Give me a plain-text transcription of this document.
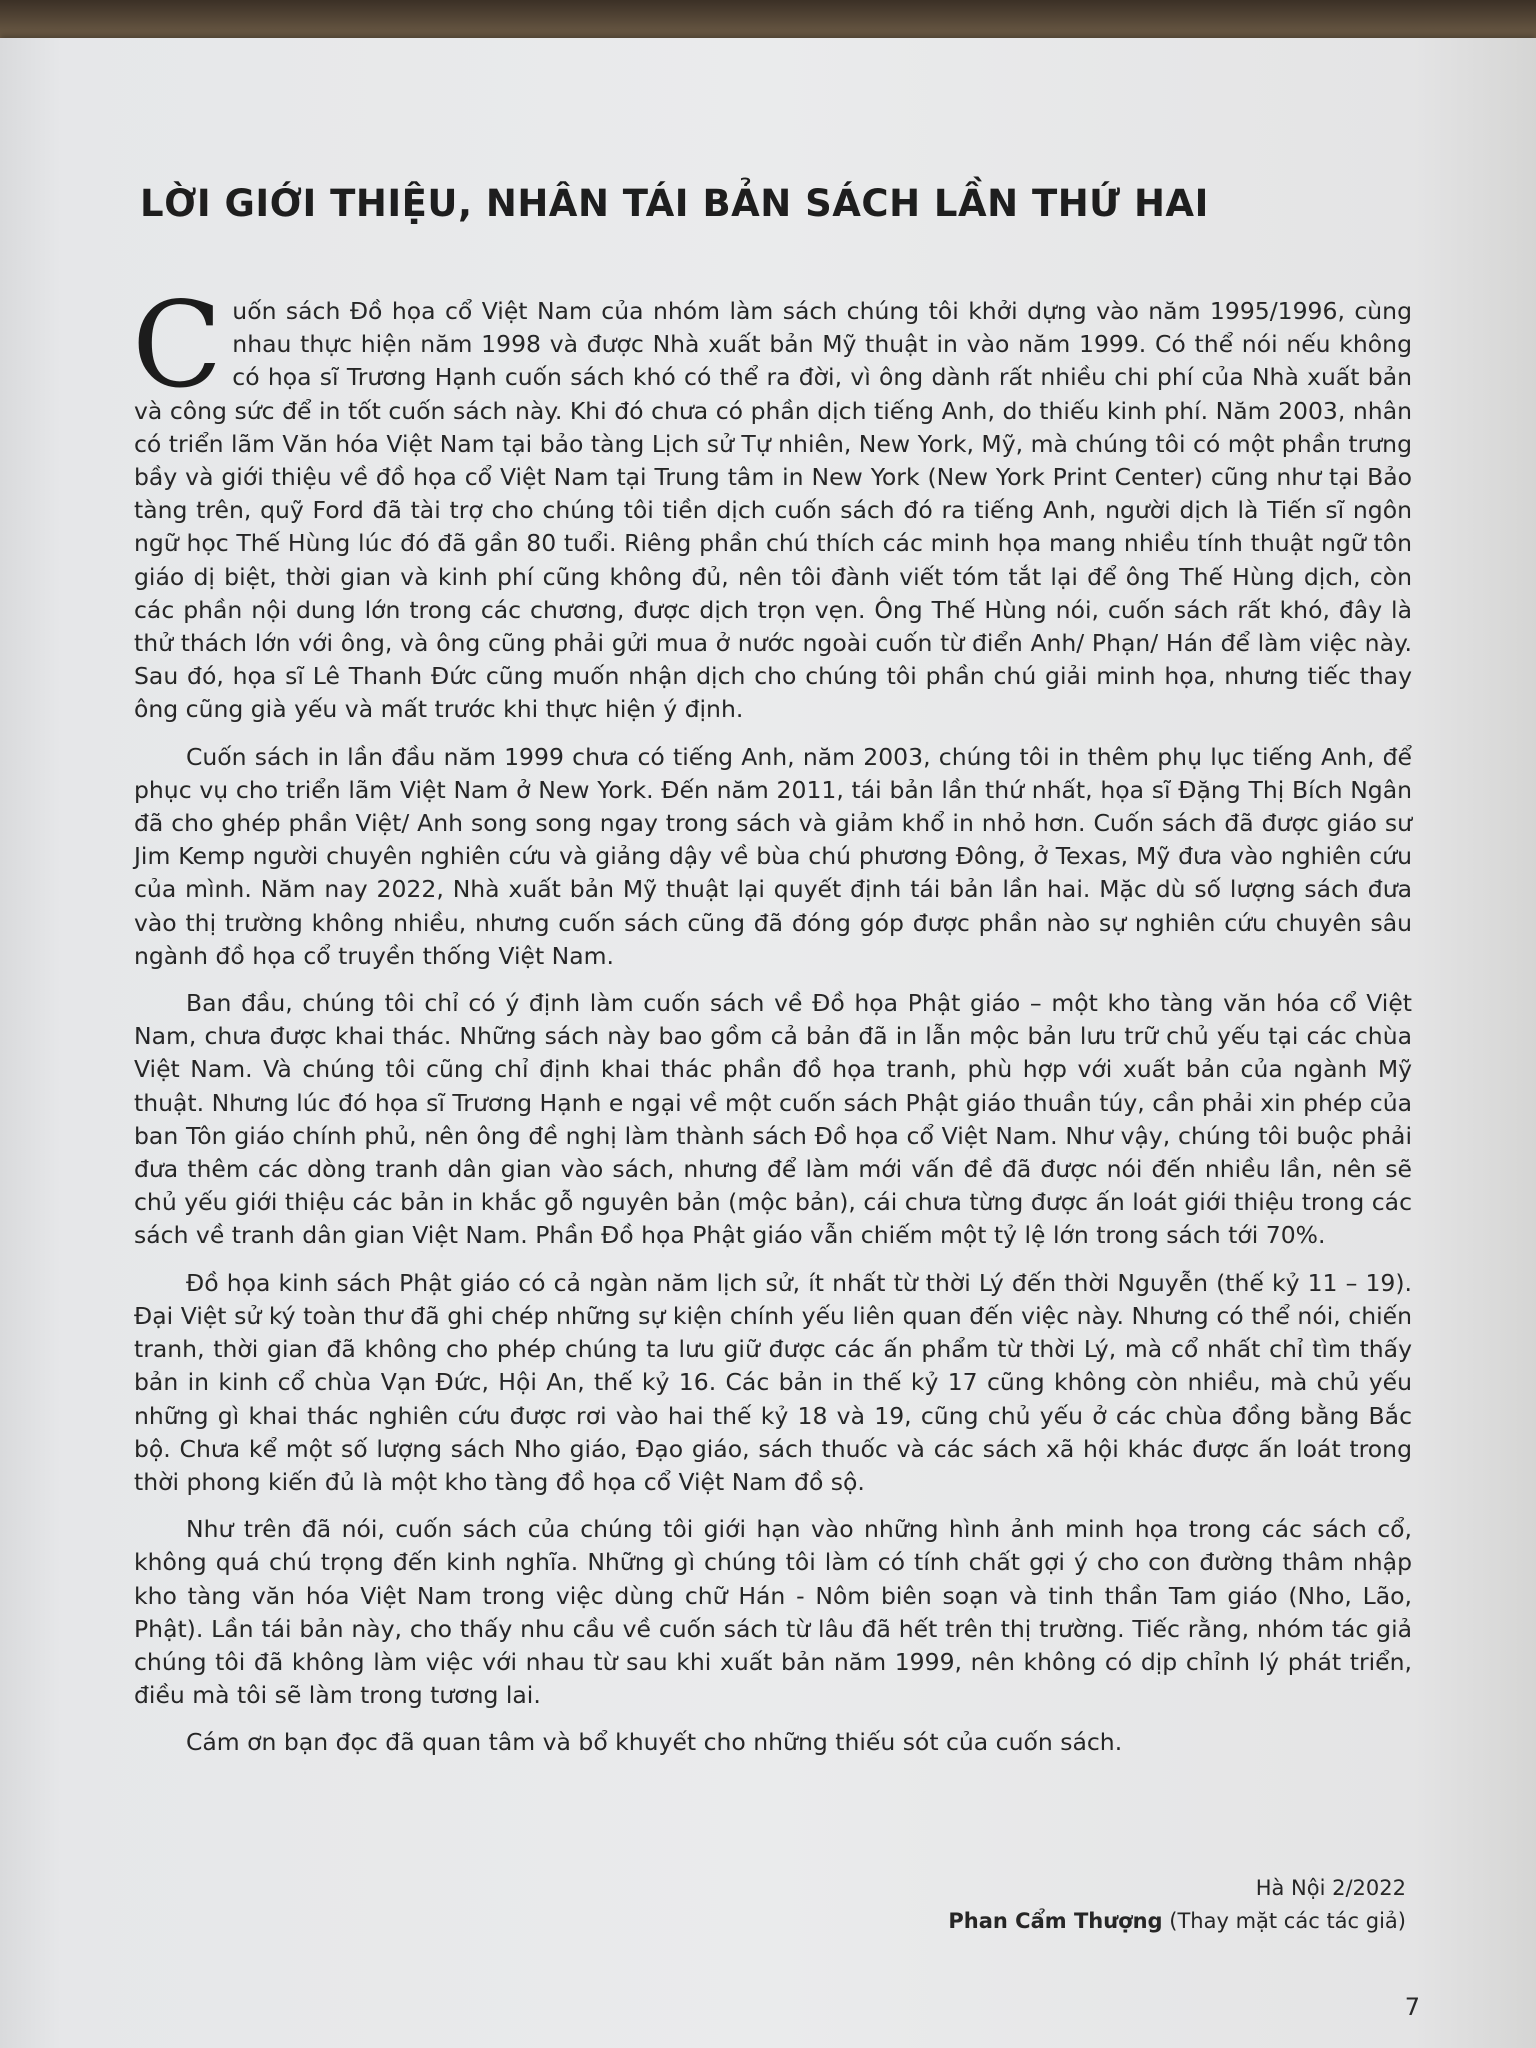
LỜI GIỚI THIỆU, NHÂN TÁI BẢN SÁCH LẦN THỨ HAI

Cuốn sách Đồ họa cổ Việt Nam của nhóm làm sách chúng tôi khởi dựng vào năm 1995/1996, cùng nhau thực hiện năm 1998 và được Nhà xuất bản Mỹ thuật in vào năm 1999. Có thể nói nếu không có họa sĩ Trương Hạnh cuốn sách khó có thể ra đời, vì ông dành rất nhiều chi phí của Nhà xuất bản và công sức để in tốt cuốn sách này. Khi đó chưa có phần dịch tiếng Anh, do thiếu kinh phí. Năm 2003, nhân có triển lãm Văn hóa Việt Nam tại bảo tàng Lịch sử Tự nhiên, New York, Mỹ, mà chúng tôi có một phần trưng bầy và giới thiệu về đồ họa cổ Việt Nam tại Trung tâm in New York (New York Print Center) cũng như tại Bảo tàng trên, quỹ Ford đã tài trợ cho chúng tôi tiền dịch cuốn sách đó ra tiếng Anh, người dịch là Tiến sĩ ngôn ngữ học Thế Hùng lúc đó đã gần 80 tuổi. Riêng phần chú thích các minh họa mang nhiều tính thuật ngữ tôn giáo dị biệt, thời gian và kinh phí cũng không đủ, nên tôi đành viết tóm tắt lại để ông Thế Hùng dịch, còn các phần nội dung lớn trong các chương, được dịch trọn vẹn. Ông Thế Hùng nói, cuốn sách rất khó, đây là thử thách lớn với ông, và ông cũng phải gửi mua ở nước ngoài cuốn từ điển Anh/ Phạn/ Hán để làm việc này. Sau đó, họa sĩ Lê Thanh Đức cũng muốn nhận dịch cho chúng tôi phần chú giải minh họa, nhưng tiếc thay ông cũng già yếu và mất trước khi thực hiện ý định.

Cuốn sách in lần đầu năm 1999 chưa có tiếng Anh, năm 2003, chúng tôi in thêm phụ lục tiếng Anh, để phục vụ cho triển lãm Việt Nam ở New York. Đến năm 2011, tái bản lần thứ nhất, họa sĩ Đặng Thị Bích Ngân đã cho ghép phần Việt/ Anh song song ngay trong sách và giảm khổ in nhỏ hơn. Cuốn sách đã được giáo sư Jim Kemp người chuyên nghiên cứu và giảng dậy về bùa chú phương Đông, ở Texas, Mỹ đưa vào nghiên cứu của mình. Năm nay 2022, Nhà xuất bản Mỹ thuật lại quyết định tái bản lần hai. Mặc dù số lượng sách đưa vào thị trường không nhiều, nhưng cuốn sách cũng đã đóng góp được phần nào sự nghiên cứu chuyên sâu ngành đồ họa cổ truyền thống Việt Nam.

Ban đầu, chúng tôi chỉ có ý định làm cuốn sách về Đồ họa Phật giáo – một kho tàng văn hóa cổ Việt Nam, chưa được khai thác. Những sách này bao gồm cả bản đã in lẫn mộc bản lưu trữ chủ yếu tại các chùa Việt Nam. Và chúng tôi cũng chỉ định khai thác phần đồ họa tranh, phù hợp với xuất bản của ngành Mỹ thuật. Nhưng lúc đó họa sĩ Trương Hạnh e ngại về một cuốn sách Phật giáo thuần túy, cần phải xin phép của ban Tôn giáo chính phủ, nên ông đề nghị làm thành sách Đồ họa cổ Việt Nam. Như vậy, chúng tôi buộc phải đưa thêm các dòng tranh dân gian vào sách, nhưng để làm mới vấn đề đã được nói đến nhiều lần, nên sẽ chủ yếu giới thiệu các bản in khắc gỗ nguyên bản (mộc bản), cái chưa từng được ấn loát giới thiệu trong các sách về tranh dân gian Việt Nam. Phần Đồ họa Phật giáo vẫn chiếm một tỷ lệ lớn trong sách tới 70%.

Đồ họa kinh sách Phật giáo có cả ngàn năm lịch sử, ít nhất từ thời Lý đến thời Nguyễn (thế kỷ 11 – 19). Đại Việt sử ký toàn thư đã ghi chép những sự kiện chính yếu liên quan đến việc này. Nhưng có thể nói, chiến tranh, thời gian đã không cho phép chúng ta lưu giữ được các ấn phẩm từ thời Lý, mà cổ nhất chỉ tìm thấy bản in kinh cổ chùa Vạn Đức, Hội An, thế kỷ 16. Các bản in thế kỷ 17 cũng không còn nhiều, mà chủ yếu những gì khai thác nghiên cứu được rơi vào hai thế kỷ 18 và 19, cũng chủ yếu ở các chùa đồng bằng Bắc bộ. Chưa kể một số lượng sách Nho giáo, Đạo giáo, sách thuốc và các sách xã hội khác được ấn loát trong thời phong kiến đủ là một kho tàng đồ họa cổ Việt Nam đồ sộ.

Như trên đã nói, cuốn sách của chúng tôi giới hạn vào những hình ảnh minh họa trong các sách cổ, không quá chú trọng đến kinh nghĩa. Những gì chúng tôi làm có tính chất gợi ý cho con đường thâm nhập kho tàng văn hóa Việt Nam trong việc dùng chữ Hán - Nôm biên soạn và tinh thần Tam giáo (Nho, Lão, Phật). Lần tái bản này, cho thấy nhu cầu về cuốn sách từ lâu đã hết trên thị trường. Tiếc rằng, nhóm tác giả chúng tôi đã không làm việc với nhau từ sau khi xuất bản năm 1999, nên không có dịp chỉnh lý phát triển, điều mà tôi sẽ làm trong tương lai.

Cám ơn bạn đọc đã quan tâm và bổ khuyết cho những thiếu sót của cuốn sách.

Hà Nội 2/2022
Phan Cẩm Thượng (Thay mặt các tác giả)
7
